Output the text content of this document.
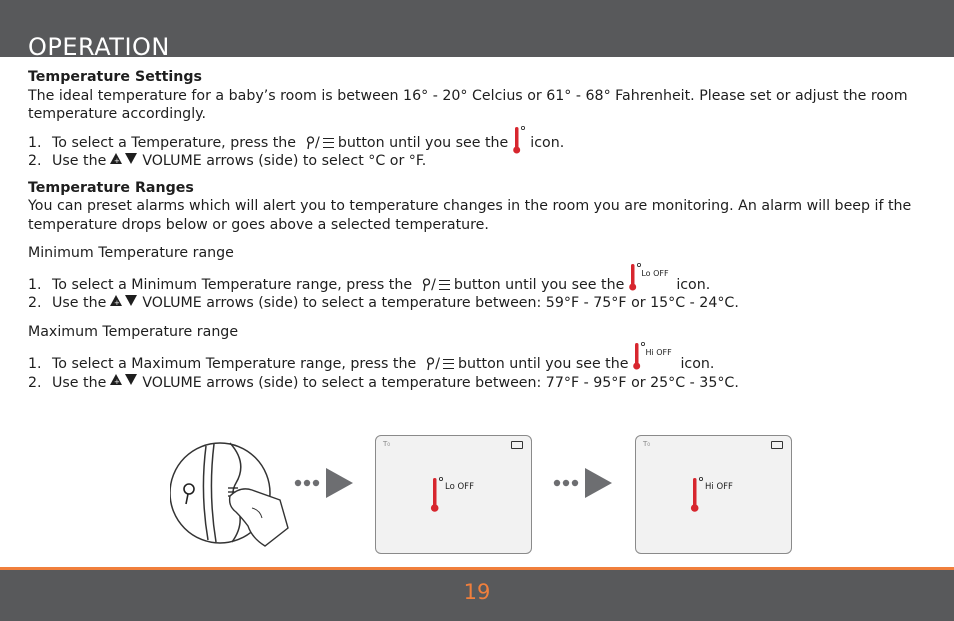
OPERATION

Temperature Settings

The ideal temperature for a baby’s room is between 16° - 20° Celcius or 61° - 68° Fahrenheit. Please set or adjust the room temperature accordingly.

1. To select a Temperature, press the / button until you see the icon.
2. Use the + VOLUME arrows (side) to select °C or °F.

Temperature Ranges

You can preset alarms which will alert you to temperature changes in the room you are monitoring. An alarm will beep if the temperature drops below or goes above a selected temperature.

Minimum Temperature range

1. To select a Minimum Temperature range, press the / button until you see the
Lo OFF
icon.
2. Use the + VOLUME arrows (side) to select a temperature between: 59°F - 75°F or 15°C - 24°C.

Maximum Temperature range

1. To select a Maximum Temperature range, press the / button until you see the
Hi OFF
icon.
2. Use the + VOLUME arrows (side) to select a temperature between: 77°F - 95°F or 25°C - 35°C.
T₀
Lo OFF
T₀
Hi OFF
19
